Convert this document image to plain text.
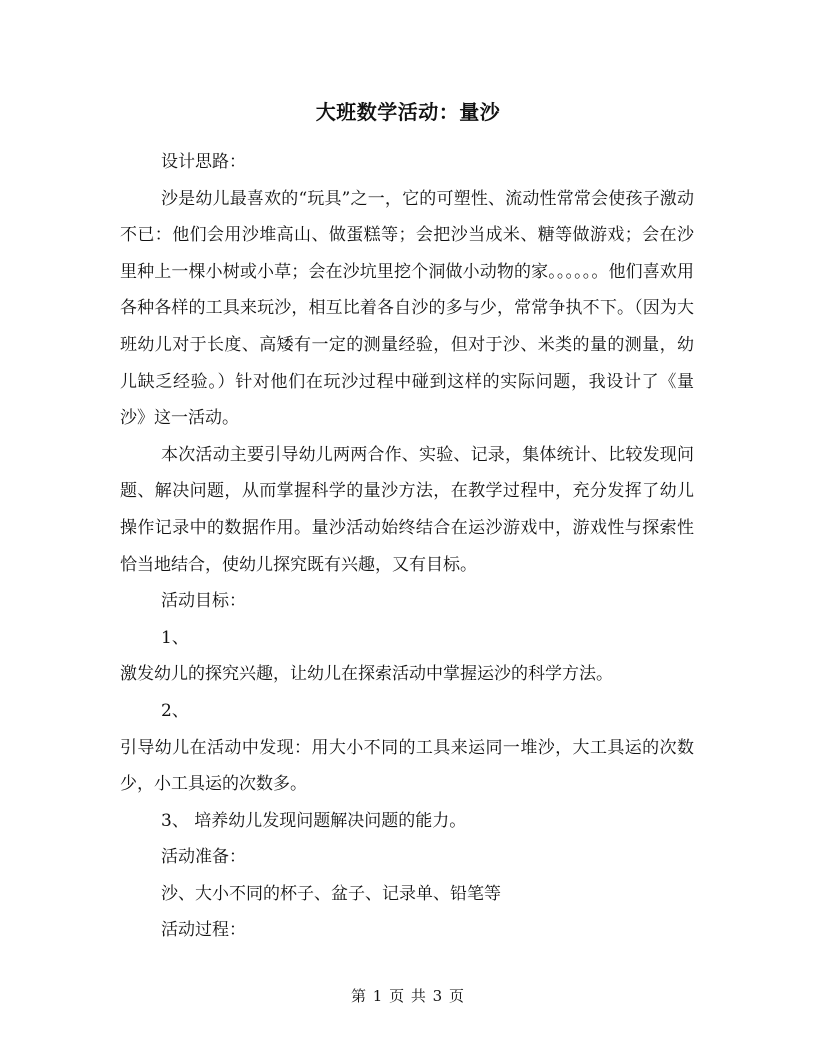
大班数学活动：量沙

设计思路：

沙是幼儿最喜欢的“玩具”之一，它的可塑性、流动性常常会使孩子激动不已：他们会用沙堆高山、做蛋糕等；会把沙当成米、糖等做游戏；会在沙里种上一棵小树或小草；会在沙坑里挖个洞做小动物的家。。。。。。他们喜欢用各种各样的工具来玩沙，相互比着各自沙的多与少，常常争执不下。（因为大班幼儿对于长度、高矮有一定的测量经验，但对于沙、米类的量的测量，幼儿缺乏经验。）针对他们在玩沙过程中碰到这样的实际问题，我设计了《量沙》这一活动。

本次活动主要引导幼儿两两合作、实验、记录，集体统计、比较发现问题、解决问题，从而掌握科学的量沙方法，在教学过程中，充分发挥了幼儿操作记录中的数据作用。量沙活动始终结合在运沙游戏中，游戏性与探索性恰当地结合，使幼儿探究既有兴趣，又有目标。

活动目标：

1、

激发幼儿的探究兴趣，让幼儿在探索活动中掌握运沙的科学方法。

2、

引导幼儿在活动中发现：用大小不同的工具来运同一堆沙，大工具运的次数少，小工具运的次数多。

3、 培养幼儿发现问题解决问题的能力。

活动准备：

沙、大小不同的杯子、盆子、记录单、铅笔等

活动过程：

第 1 页 共 3 页
